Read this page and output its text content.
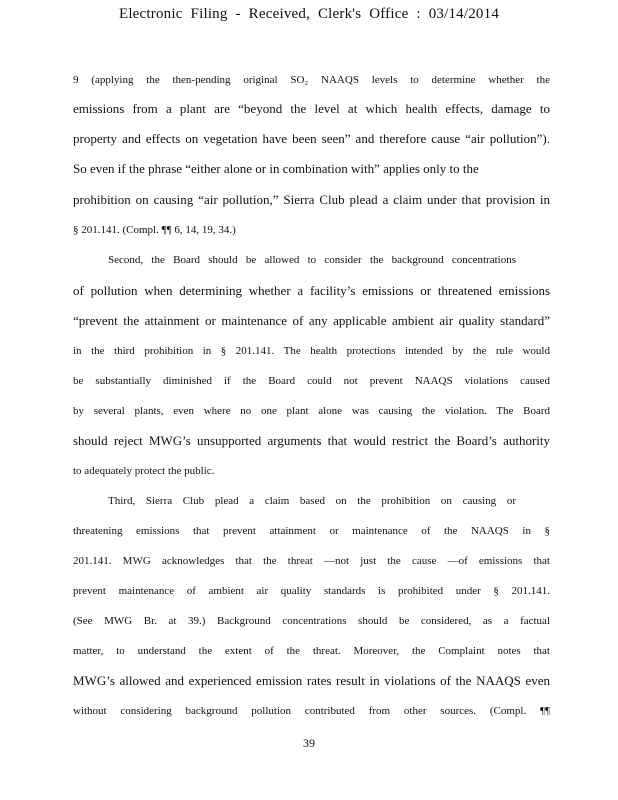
Electronic Filing - Received, Clerk's Office : 03/14/2014
9 (applying the then-pending original SO₂ NAAQS levels to determine whether the
emissions from a plant are “beyond the level at which health effects, damage to
property and effects on vegetation have been seen” and therefore cause “air pollution”).
So even if the phrase “either alone or in combination with” applies only to the
prohibition on causing “air pollution,” Sierra Club plead a claim under that provision in
§ 201.141. (Compl. ¶¶ 6, 14, 19, 34.)
Second, the Board should be allowed to consider the background concentrations
of pollution when determining whether a facility’s emissions or threatened emissions
“prevent the attainment or maintenance of any applicable ambient air quality standard”
in the third prohibition in § 201.141. The health protections intended by the rule would
be substantially diminished if the Board could not prevent NAAQS violations caused
by several plants, even where no one plant alone was causing the violation. The Board
should reject MWG’s unsupported arguments that would restrict the Board’s authority
to adequately protect the public.
Third, Sierra Club plead a claim based on the prohibition on causing or
threatening emissions that prevent attainment or maintenance of the NAAQS in §
201.141. MWG acknowledges that the threat —not just the cause —of emissions that
prevent maintenance of ambient air quality standards is prohibited under § 201.141.
(See MWG Br. at 39.) Background concentrations should be considered, as a factual
matter, to understand the extent of the threat. Moreover, the Complaint notes that
MWG’s allowed and experienced emission rates result in violations of the NAAQS even
without considering background pollution contributed from other sources. (Compl. ¶¶
39
